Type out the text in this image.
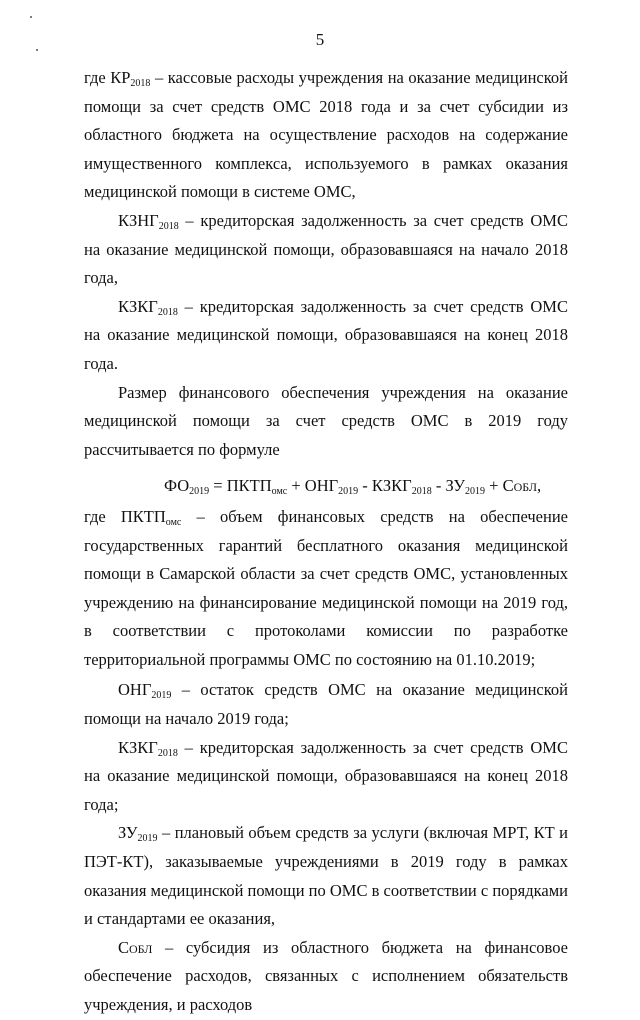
5

где $КР_{2018}$ – кассовые расходы учреждения на оказание медицинской помощи за счет средств ОМС 2018 года и за счет субсидии из областного бюджета на осуществление расходов на содержание имущественного комплекса, используемого в рамках оказания медицинской помощи в системе ОМС,

$КЗНГ_{2018}$ – кредиторская задолженность за счет средств ОМС на оказание медицинской помощи, образовавшаяся на начало 2018 года,

$КЗКГ_{2018}$ – кредиторская задолженность за счет средств ОМС на оказание медицинской помощи, образовавшаяся на конец 2018 года.

Размер финансового обеспечения учреждения на оказание медицинской помощи за счет средств ОМС в 2019 году рассчитывается по формуле

$ФО_{2019}$ = $ПКТП_{омс} + ОНГ_{2019}$ - $КЗКГ_{2018} - ЗУ_{2019}$ + Собл,

где $ПКТП_{омс}$ – объем финансовых средств на обеспечение государственных гарантий бесплатного оказания медицинской помощи в Самарской области за счет средств ОМС, установленных учреждению на финансирование медицинской помощи на 2019 год, в соответствии с протоколами комиссии по разработке территориальной программы ОМС по состоянию на 01.10.2019;

$ОНГ_{2019}$ – остаток средств ОМС на оказание медицинской помощи на начало 2019 года;

$КЗКГ_{2018}$ – кредиторская задолженность за счет средств ОМС на оказание медицинской помощи, образовавшаяся на конец 2018 года;

$ЗУ_{2019}$ – плановый объем средств за услуги (включая МРТ, КТ и ПЭТ-КТ), заказываемые учреждениями в 2019 году в рамках оказания медицинской помощи по ОМС в соответствии с порядками и стандартами ее оказания,

Собл – субсидия из областного бюджета на финансовое обеспечение расходов, связанных с исполнением обязательств учреждения, и расходов
